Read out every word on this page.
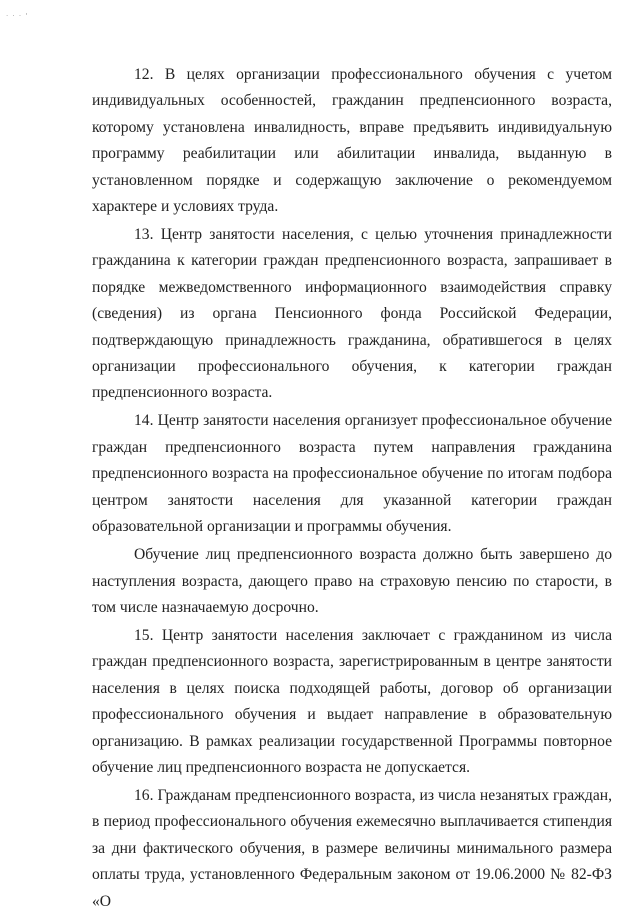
· · · '

12. В целях организации профессионального обучения с учетом индивидуальных особенностей, гражданин предпенсионного возраста, которому установлена инвалидность, вправе предъявить индивидуальную программу реабилитации или абилитации инвалида, выданную в установленном порядке и содержащую заключение о рекомендуемом характере и условиях труда.

13. Центр занятости населения, с целью уточнения принадлежности гражданина к категории граждан предпенсионного возраста, запрашивает в порядке межведомственного информационного взаимодействия справку (сведения) из органа Пенсионного фонда Российской Федерации, подтверждающую принадлежность гражданина, обратившегося в целях организации профессионального обучения, к категории граждан предпенсионного возраста.

14. Центр занятости населения организует профессиональное обучение граждан предпенсионного возраста путем направления гражданина предпенсионного возраста на профессиональное обучение по итогам подбора центром занятости населения для указанной категории граждан образовательной организации и программы обучения.

Обучение лиц предпенсионного возраста должно быть завершено до наступления возраста, дающего право на страховую пенсию по старости, в том числе назначаемую досрочно.

15. Центр занятости населения заключает с гражданином из числа граждан предпенсионного возраста, зарегистрированным в центре занятости населения в целях поиска подходящей работы, договор об организации профессионального обучения и выдает направление в образовательную организацию. В рамках реализации государственной Программы повторное обучение лиц предпенсионного возраста не допускается.

16. Гражданам предпенсионного возраста, из числа незанятых граждан, в период профессионального обучения ежемесячно выплачивается стипендия за дни фактического обучения, в размере величины минимального размера оплаты труда, установленного Федеральным законом от 19.06.2000 № 82-ФЗ «О
